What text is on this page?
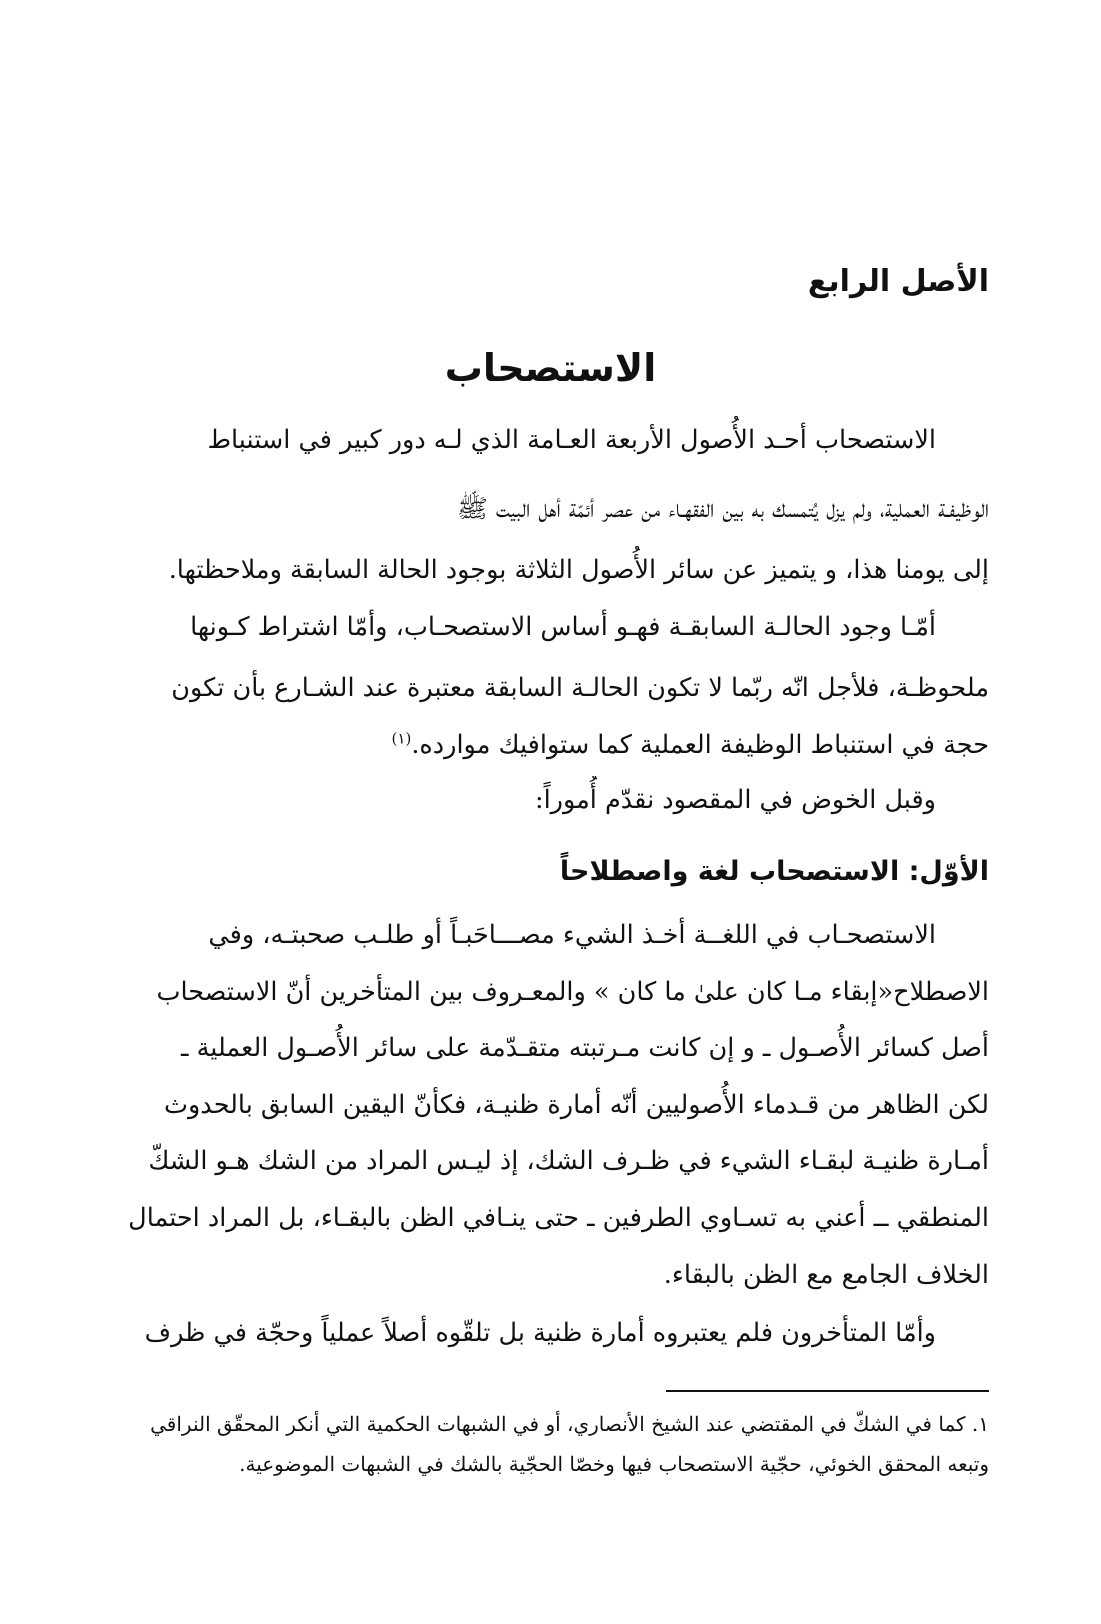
الأصل الرابع
الاستصحاب
الاستصحاب أحـد الأُصول الأربعة العـامة الذي لـه دور كبير في استنباط
الوظيفـة العملية، ولم يزل يُتمسك به بين الفقهـاء من عصر أئمّة أهل البيت ﷺ
إلى يومنا هذا، و يتميز عن سائر الأُصول الثلاثة بوجود الحالة السابقة وملاحظتها.
أمّـا وجود الحالـة السابقـة فهـو أساس الاستصحـاب، وأمّا اشتراط كـونها
ملحوظـة، فلأجل انّه ربّما لا تكون الحالـة السابقة معتبرة عند الشـارع بأن تكون
حجة في استنباط الوظيفة العملية كما ستوافيك موارده.$^{(١)}$
وقبل الخوض في المقصود نقدّم أُموراً:
الأوّل: الاستصحاب لغة واصطلاحاً
الاستصحـاب في اللغــة أخـذ الشيء مصـــاحَبـاً أو طلـب صحبتـه، وفي
الاصطلاح«إبقاء مـا كان علىٰ ما كان » والمعـروف بين المتأخرين أنّ الاستصحاب
أصل كسائر الأُصـول ـ و إن كانت مـرتبته متقـدّمة على سائر الأُصـول العملية ـ
لكن الظاهر من قـدماء الأُصوليين أنّه أمارة ظنيـة، فكأنّ اليقين السابق بالحدوث
أمـارة ظنيـة لبقـاء الشيء في ظـرف الشك، إذ ليـس المراد من الشك هـو الشكّ
المنطقي ــ أعني به تسـاوي الطرفين ـ حتى ينـافي الظن بالبقـاء، بل المراد احتمال
الخلاف الجامع مع الظن بالبقاء.
وأمّا المتأخرون فلم يعتبروه أمارة ظنية بل تلقّوه أصلاً عملياً وحجّة في ظرف
١. كما في الشكّ في المقتضي عند الشيخ الأنصاري، أو في الشبهات الحكمية التي أنكر المحقّق النراقي
وتبعه المحقق الخوئي، حجّية الاستصحاب فيها وخصّا الحجّية بالشك في الشبهات الموضوعية.
